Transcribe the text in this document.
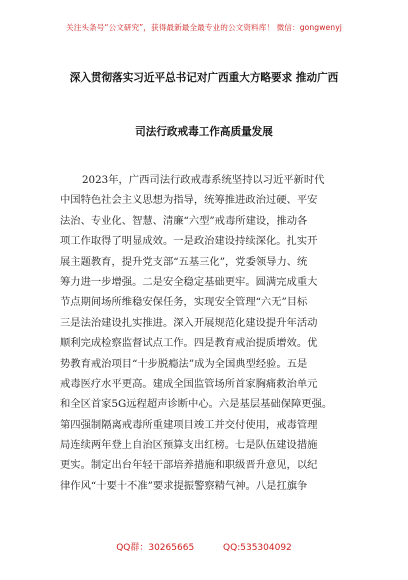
关注头条号“公文研究”，获得最新最全最专业的公文资料库！ 微信：gongwenyj
深入贯彻落实习近平总书记对广西重大方略要求 推动广西
司法行政戒毒工作高质量发展
2023年，广西司法行政戒毒系统坚持以习近平新时代
中国特色社会主义思想为指导，统筹推进政治过硬、平安
法治、专业化、智慧、清廉“六型”戒毒所建设，推动各
项工作取得了明显成效。一是政治建设持续深化。扎实开
展主题教育，提升党支部“五基三化”，党委领导力、统
筹力进一步增强。二是安全稳定基础更牢。圆满完成重大
节点期间场所维稳安保任务，实现安全管理“六无”目标
三是法治建设扎实推进。深入开展规范化建设提升年活动
顺利完成检察监督试点工作。四是教育戒治提质增效。优
势教育戒治项目“十步脱瘾法”成为全国典型经验。五是
戒毒医疗水平更高。建成全国监管场所首家胸痛救治单元
和全区首家5G远程超声诊断中心。六是基层基础保障更强。
第四强制隔离戒毒所重建项目竣工并交付使用，戒毒管理
局连续两年登上自治区预算支出红榜。七是队伍建设措施
更实。制定出台年轻干部培养措施和职级晋升意见，以纪
律作风“十要十不准”要求提振警察精气神。八是扛旗争
QQ群：30265665	QQ:535304092
